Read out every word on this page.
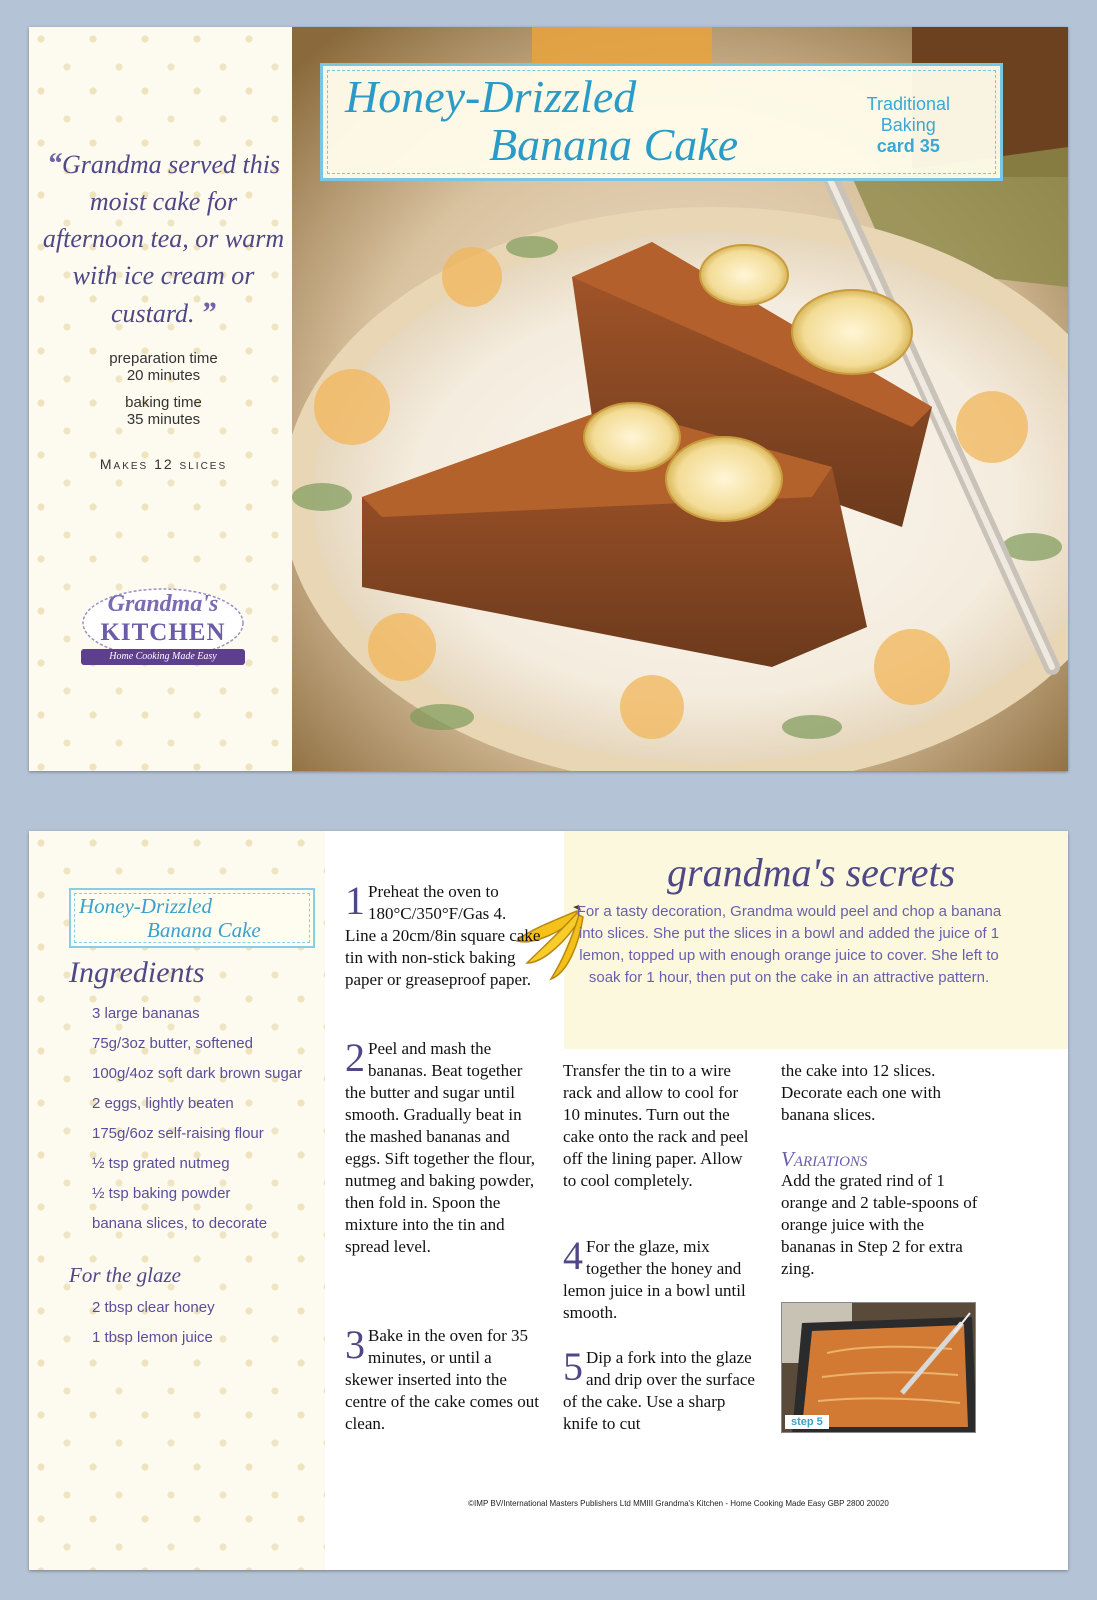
“Grandma served this moist cake for afternoon tea, or warm with ice cream or custard. ”
preparation time
20 minutes
baking time
35 minutes
Makes 12 slices
Grandma's
KITCHEN
Home Cooking Made Easy
Honey-Drizzled
Banana Cake
Traditional
Baking
card 35
Honey-Drizzled
Banana Cake
Ingredients
3 large bananas
75g/3oz butter, softened
100g/4oz soft dark brown sugar
2 eggs, lightly beaten
175g/6oz self-raising flour
½ tsp grated nutmeg
½ tsp baking powder
banana slices, to decorate
For the glaze
2 tbsp clear honey
1 tbsp lemon juice
grandma's secrets
For a tasty decoration, Grandma would peel and chop a banana into slices. She put the slices in a bowl and added the juice of 1 lemon, topped up with enough orange juice to cover. She left to soak for 1 hour, then put on the cake in an attractive pattern.
1 Preheat the oven to 180°C/350°F/Gas 4. Line a 20cm/8in square cake tin with non-stick baking paper or greaseproof paper.
2 Peel and mash the bananas. Beat together the butter and sugar until smooth. Gradually beat in the mashed bananas and eggs. Sift together the flour, nutmeg and baking powder, then fold in. Spoon the mixture into the tin and spread level.
3 Bake in the oven for 35 minutes, or until a skewer inserted into the centre of the cake comes out clean.
Transfer the tin to a wire rack and allow to cool for 10 minutes. Turn out the cake onto the rack and peel off the lining paper. Allow to cool completely.
4 For the glaze, mix together the honey and lemon juice in a bowl until smooth.
5 Dip a fork into the glaze and drip over the surface of the cake. Use a sharp knife to cut
the cake into 12 slices. Decorate each one with banana slices.
Variations
Add the grated rind of 1 orange and 2 table-spoons of orange juice with the bananas in Step 2 for extra zing.
step 5
©IMP BV/International Masters Publishers Ltd MMIII Grandma's Kitchen - Home Cooking Made Easy GBP 2800 20020
